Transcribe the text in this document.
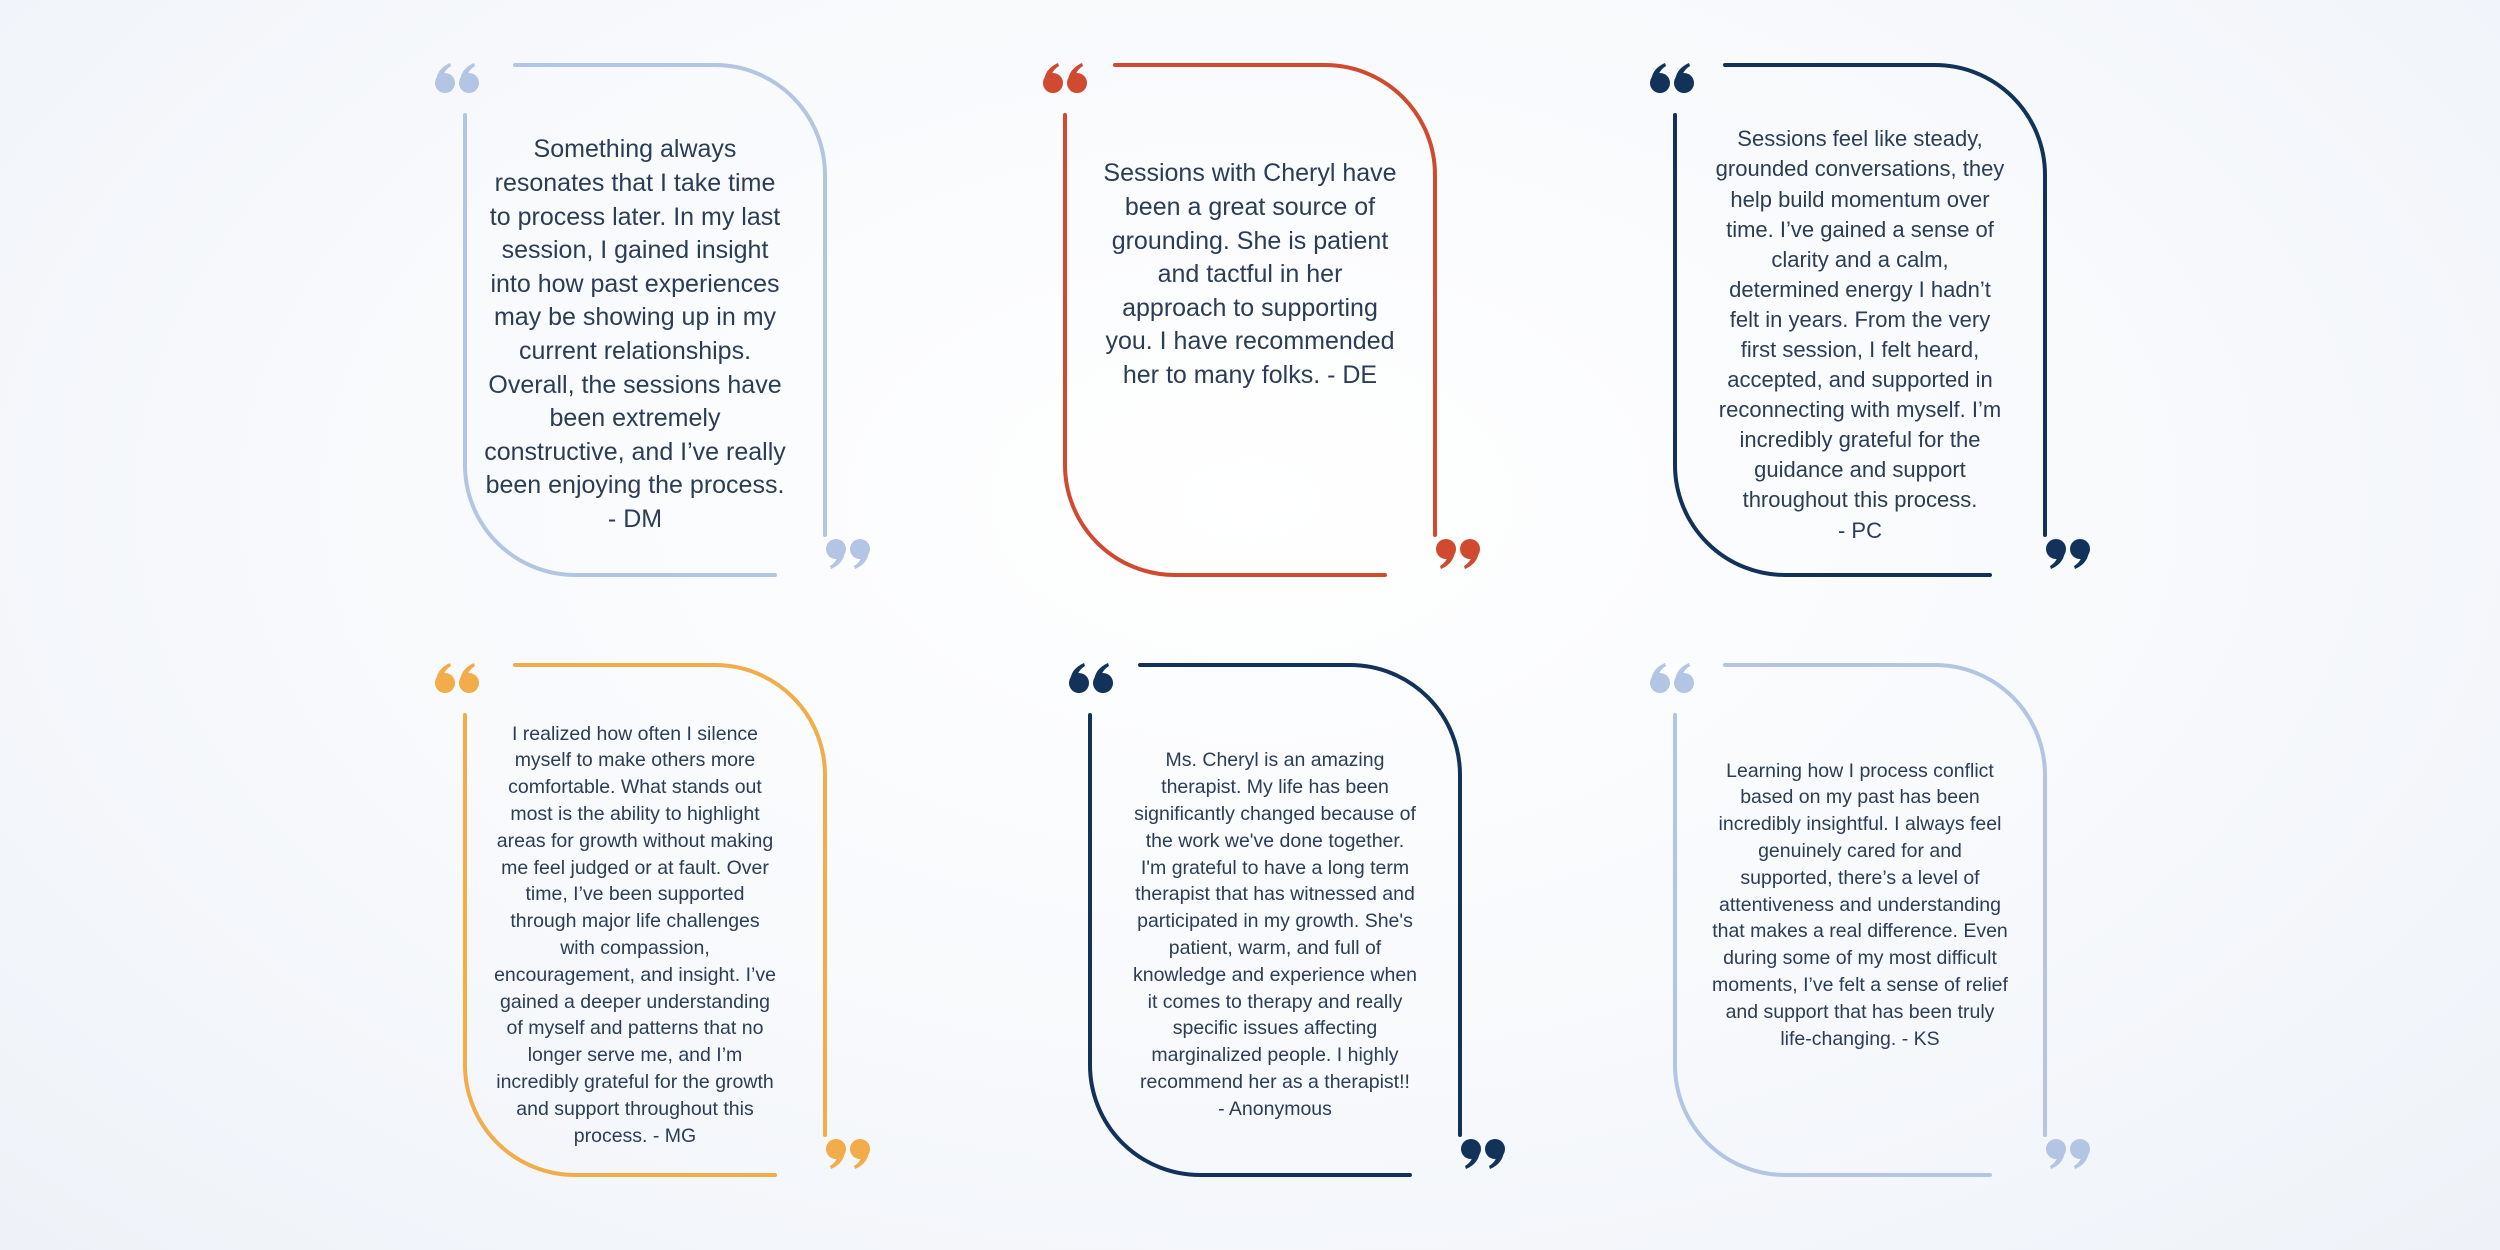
Something always
resonates that I take time
to process later. In my last
session, I gained insight
into how past experiences
may be showing up in my
current relationships.
Overall, the sessions have
been extremely
constructive, and I’ve really
been enjoying the process.
- DM

Sessions with Cheryl have
been a great source of
grounding. She is patient
and tactful in her
approach to supporting
you. I have recommended
her to many folks. - DE

Sessions feel like steady,
grounded conversations, they
help build momentum over
time. I’ve gained a sense of
clarity and a calm,
determined energy I hadn’t
felt in years. From the very
first session, I felt heard,
accepted, and supported in
reconnecting with myself. I’m
incredibly grateful for the
guidance and support
throughout this process.
- PC

I realized how often I silence
myself to make others more
comfortable. What stands out
most is the ability to highlight
areas for growth without making
me feel judged or at fault. Over
time, I’ve been supported
through major life challenges
with compassion,
encouragement, and insight. I’ve
gained a deeper understanding
of myself and patterns that no
longer serve me, and I’m
incredibly grateful for the growth
and support throughout this
process. - MG

Ms. Cheryl is an amazing
therapist. My life has been
significantly changed because of
the work we've done together.
I'm grateful to have a long term
therapist that has witnessed and
participated in my growth. She's
patient, warm, and full of
knowledge and experience when
it comes to therapy and really
specific issues affecting
marginalized people. I highly
recommend her as a therapist!!
- Anonymous

Learning how I process conflict
based on my past has been
incredibly insightful. I always feel
genuinely cared for and
supported, there’s a level of
attentiveness and understanding
that makes a real difference. Even
during some of my most difficult
moments, I’ve felt a sense of relief
and support that has been truly
life-changing. - KS
